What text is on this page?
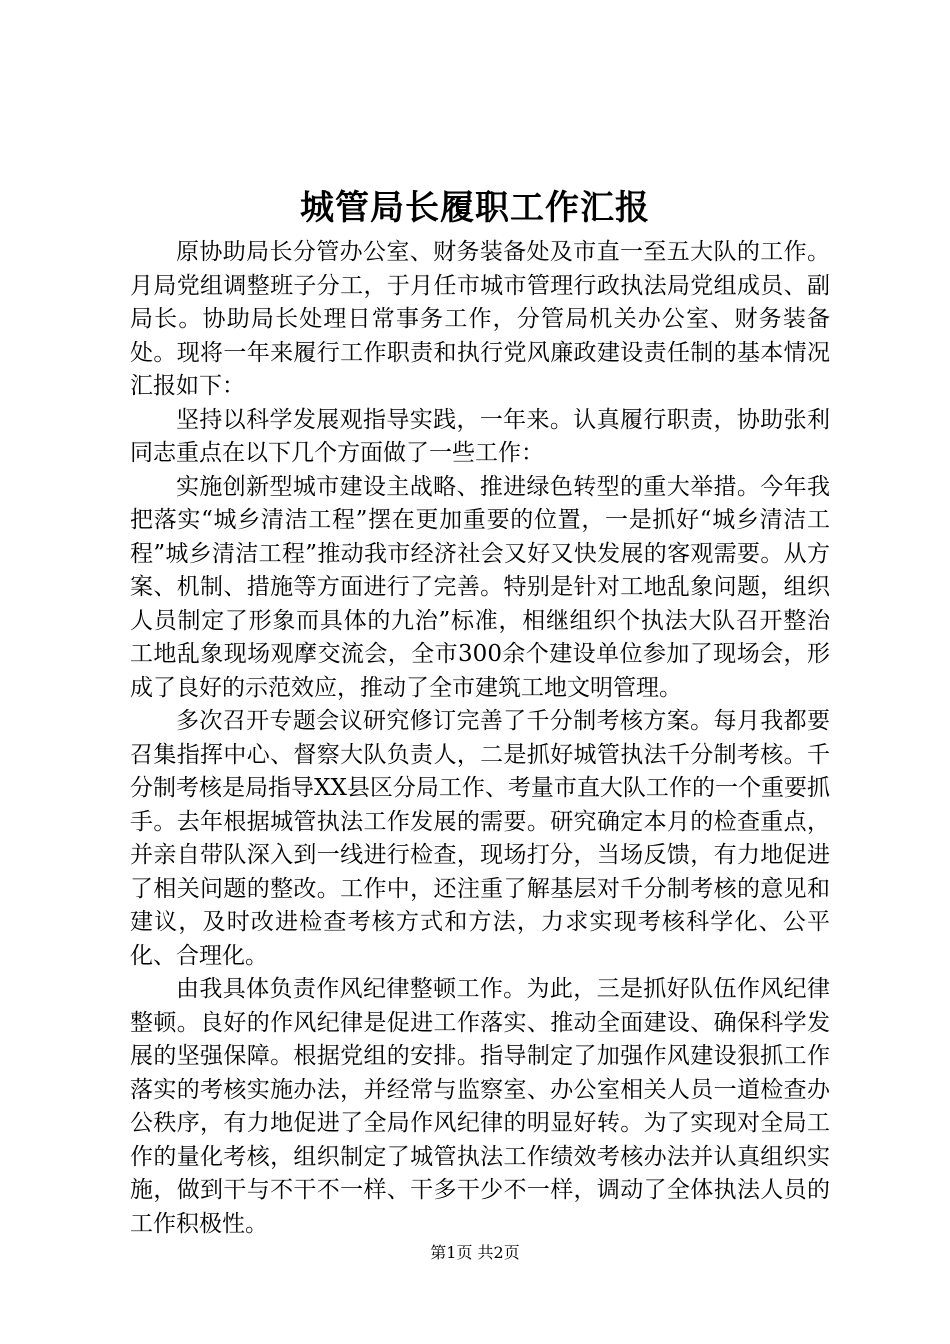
城管局长履职工作汇报

原协助局长分管办公室、财务装备处及市直一至五大队的工作。月局党组调整班子分工，于月任市城市管理行政执法局党组成员、副局长。协助局长处理日常事务工作，分管局机关办公室、财务装备处。现将一年来履行工作职责和执行党风廉政建设责任制的基本情况汇报如下：

坚持以科学发展观指导实践，一年来。认真履行职责，协助张利同志重点在以下几个方面做了一些工作：

实施创新型城市建设主战略、推进绿色转型的重大举措。今年我把落实“城乡清洁工程”摆在更加重要的位置，一是抓好“城乡清洁工程”城乡清洁工程”推动我市经济社会又好又快发展的客观需要。从方案、机制、措施等方面进行了完善。特别是针对工地乱象问题，组织人员制定了形象而具体的九治”标准，相继组织个执法大队召开整治工地乱象现场观摩交流会，全市300余个建设单位参加了现场会，形成了良好的示范效应，推动了全市建筑工地文明管理。

多次召开专题会议研究修订完善了千分制考核方案。每月我都要召集指挥中心、督察大队负责人，二是抓好城管执法千分制考核。千分制考核是局指导XX县区分局工作、考量市直大队工作的一个重要抓手。去年根据城管执法工作发展的需要。研究确定本月的检查重点，并亲自带队深入到一线进行检查，现场打分，当场反馈，有力地促进了相关问题的整改。工作中，还注重了解基层对千分制考核的意见和建议，及时改进检查考核方式和方法，力求实现考核科学化、公平化、合理化。

由我具体负责作风纪律整顿工作。为此，三是抓好队伍作风纪律整顿。良好的作风纪律是促进工作落实、推动全面建设、确保科学发展的坚强保障。根据党组的安排。指导制定了加强作风建设狠抓工作落实的考核实施办法，并经常与监察室、办公室相关人员一道检查办公秩序，有力地促进了全局作风纪律的明显好转。为了实现对全局工作的量化考核，组织制定了城管执法工作绩效考核办法并认真组织实施，做到干与不干不一样、干多干少不一样，调动了全体执法人员的工作积极性。

第1页 共2页
